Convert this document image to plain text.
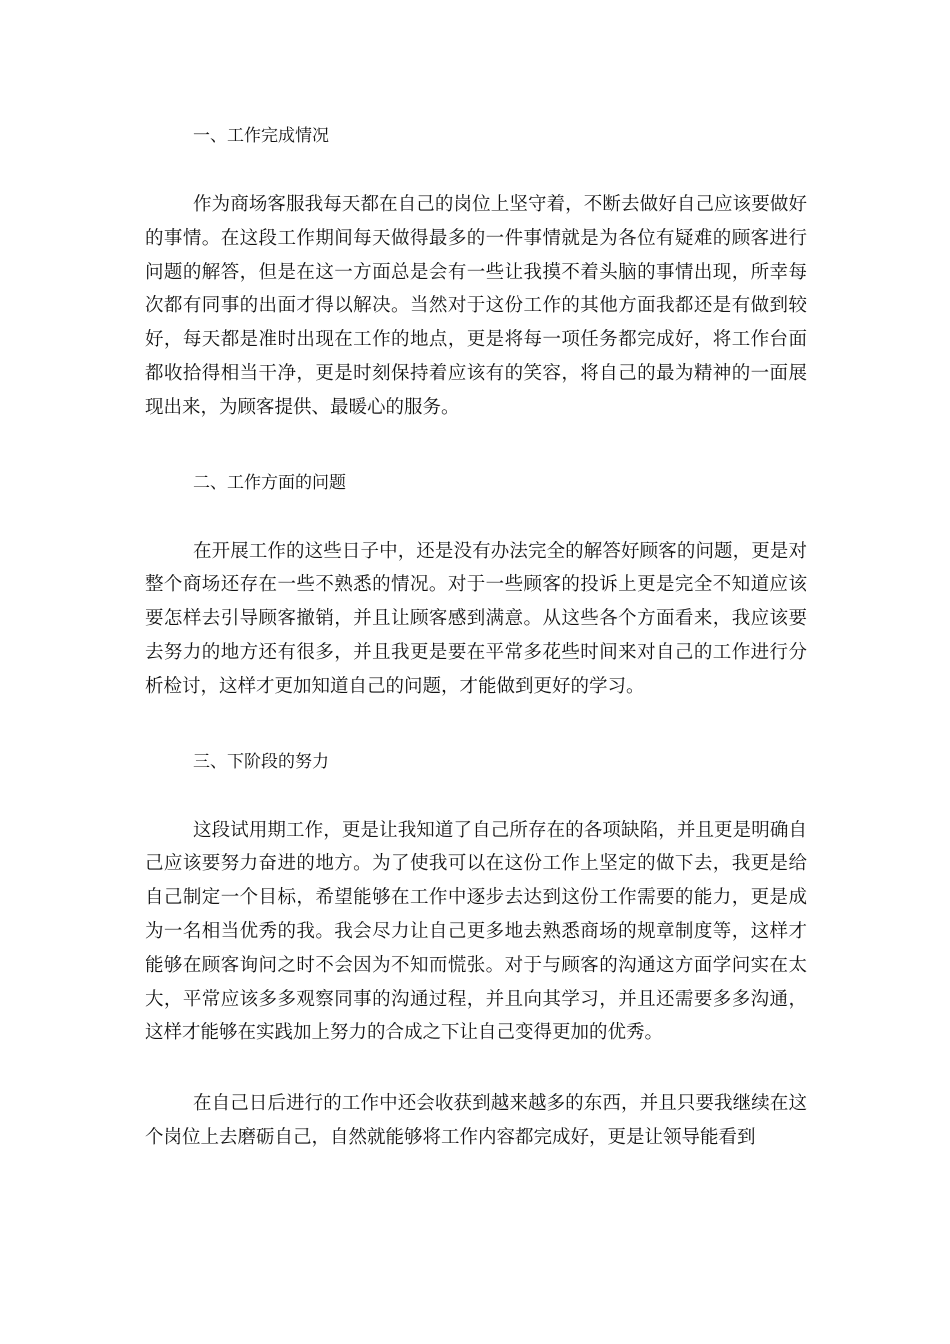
一、工作完成情况

作为商场客服我每天都在自己的岗位上坚守着，不断去做好自己应该要做好的事情。在这段工作期间每天做得最多的一件事情就是为各位有疑难的顾客进行问题的解答，但是在这一方面总是会有一些让我摸不着头脑的事情出现，所幸每次都有同事的出面才得以解决。当然对于这份工作的其他方面我都还是有做到较好，每天都是准时出现在工作的地点，更是将每一项任务都完成好，将工作台面都收拾得相当干净，更是时刻保持着应该有的笑容，将自己的最为精神的一面展现出来，为顾客提供、最暖心的服务。

二、工作方面的问题

在开展工作的这些日子中，还是没有办法完全的解答好顾客的问题，更是对整个商场还存在一些不熟悉的情况。对于一些顾客的投诉上更是完全不知道应该要怎样去引导顾客撤销，并且让顾客感到满意。从这些各个方面看来，我应该要去努力的地方还有很多，并且我更是要在平常多花些时间来对自己的工作进行分析检讨，这样才更加知道自己的问题，才能做到更好的学习。

三、下阶段的努力

这段试用期工作，更是让我知道了自己所存在的各项缺陷，并且更是明确自己应该要努力奋进的地方。为了使我可以在这份工作上坚定的做下去，我更是给自己制定一个目标，希望能够在工作中逐步去达到这份工作需要的能力，更是成为一名相当优秀的我。我会尽力让自己更多地去熟悉商场的规章制度等，这样才能够在顾客询问之时不会因为不知而慌张。对于与顾客的沟通这方面学问实在太大，平常应该多多观察同事的沟通过程，并且向其学习，并且还需要多多沟通，这样才能够在实践加上努力的合成之下让自己变得更加的优秀。

在自己日后进行的工作中还会收获到越来越多的东西，并且只要我继续在这个岗位上去磨砺自己，自然就能够将工作内容都完成好，更是让领导能看到
